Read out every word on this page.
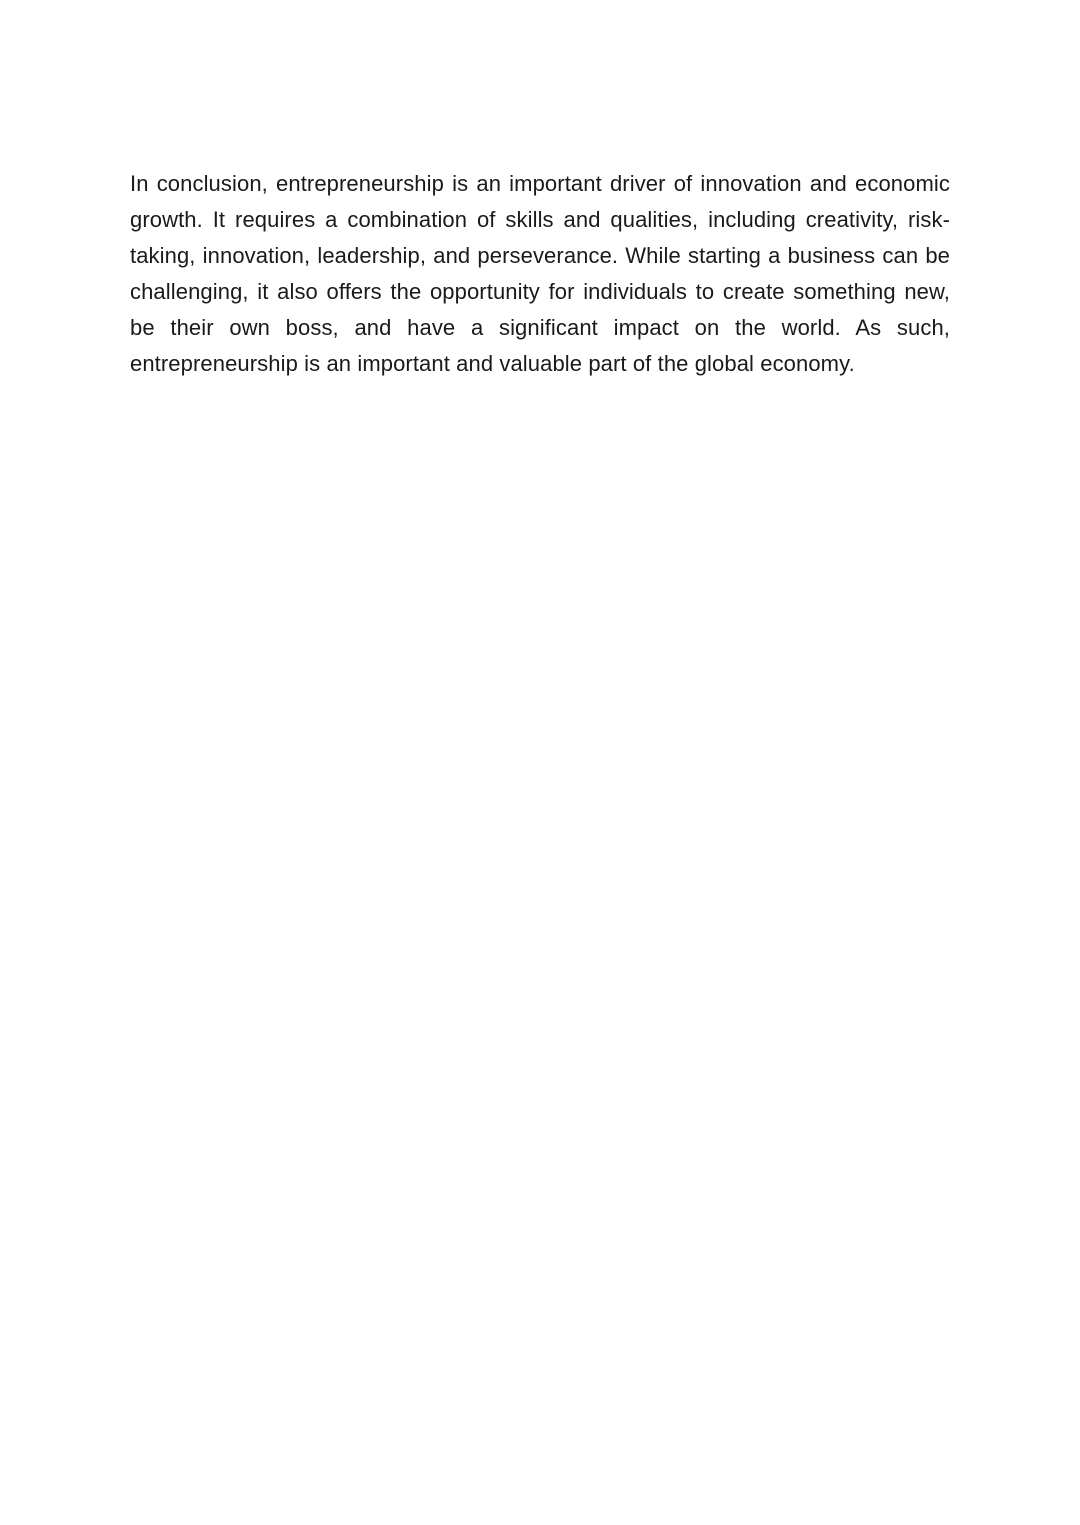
In conclusion, entrepreneurship is an important driver of innovation and economic growth. It requires a combination of skills and qualities, including creativity, risk-taking, innovation, leadership, and perseverance. While starting a business can be challenging, it also offers the opportunity for individuals to create something new, be their own boss, and have a significant impact on the world. As such, entrepreneurship is an important and valuable part of the global economy.
